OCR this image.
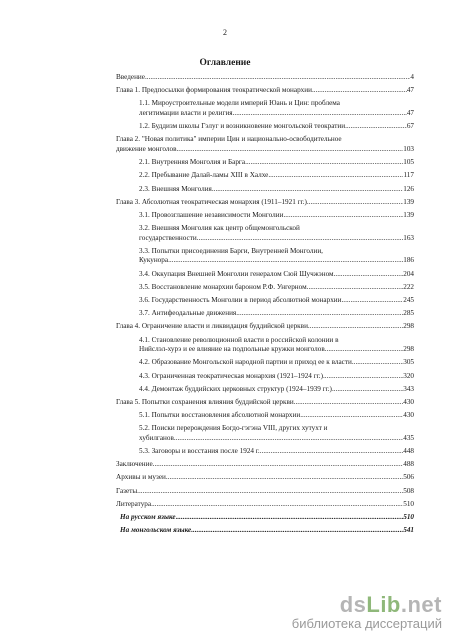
2
Оглавление
Введение .....	4
Глава 1. Предпосылки формирования теократической монархии .....	47
1.1. Мироустроительные модели империй Юань и Цин: проблема
легитимации власти и религия .....	47
1.2. Буддизм школы Гэлуг и возникновение монгольской теократии .....	67
Глава 2. "Новая политика" империи Цин и национально-освободительное
движение монголов .....	103
2.1. Внутренняя Монголия и Барга .....	105
2.2. Пребывание Далай-ламы XIII в Халхе .....	117
2.3. Внешняя Монголия .....	126
Глава 3. Абсолютная теократическая монархия (1911–1921 гг.) .....	139
3.1. Провозглашение независимости Монголии .....	139
3.2. Внешняя Монголия как центр общемонгольской
государственности .....	163
3.3. Попытки присоединения Барги, Внутренней Монголии,
Кукунора .....	186
3.4. Оккупация Внешней Монголии генералом Сюй Шучжэном .....	204
3.5. Восстановление монархии бароном Р.Ф. Унгерном .....	222
3.6. Государственность Монголии в период абсолютной монархии .....	245
3.7. Антифеодальные движения .....	285
Глава 4. Ограничение власти и ликвидация буддийской церкви .....	298
4.1. Становление революционной власти в российской колонии в
Нийслэл-хурэ и ее влияние на подпольные кружки монголов .....	298
4.2. Образование Монгольской народной партии и приход ее к власти .....	305
4.3. Ограниченная теократическая монархия (1921–1924 гг.) .....	320
4.4. Демонтаж буддийских церковных структур (1924–1939 гг.) .....	343
Глава 5. Попытки сохранения влияния буддийской церкви .....	430
5.1. Попытки восстановления абсолютной монархии .....	430
5.2. Поиски перерождения Богдо-гэгэна VIII, других хутухт и
хубилганов .....	435
5.3. Заговоры и восстания после 1924 г. .....	448
Заключение .....	488
Архивы и музеи .....	506
Газеты .....	508
Литература .....	510
На русском языке .....	510
На монгольском языке .....	541
dsLib.net
библиотека диссертаций
